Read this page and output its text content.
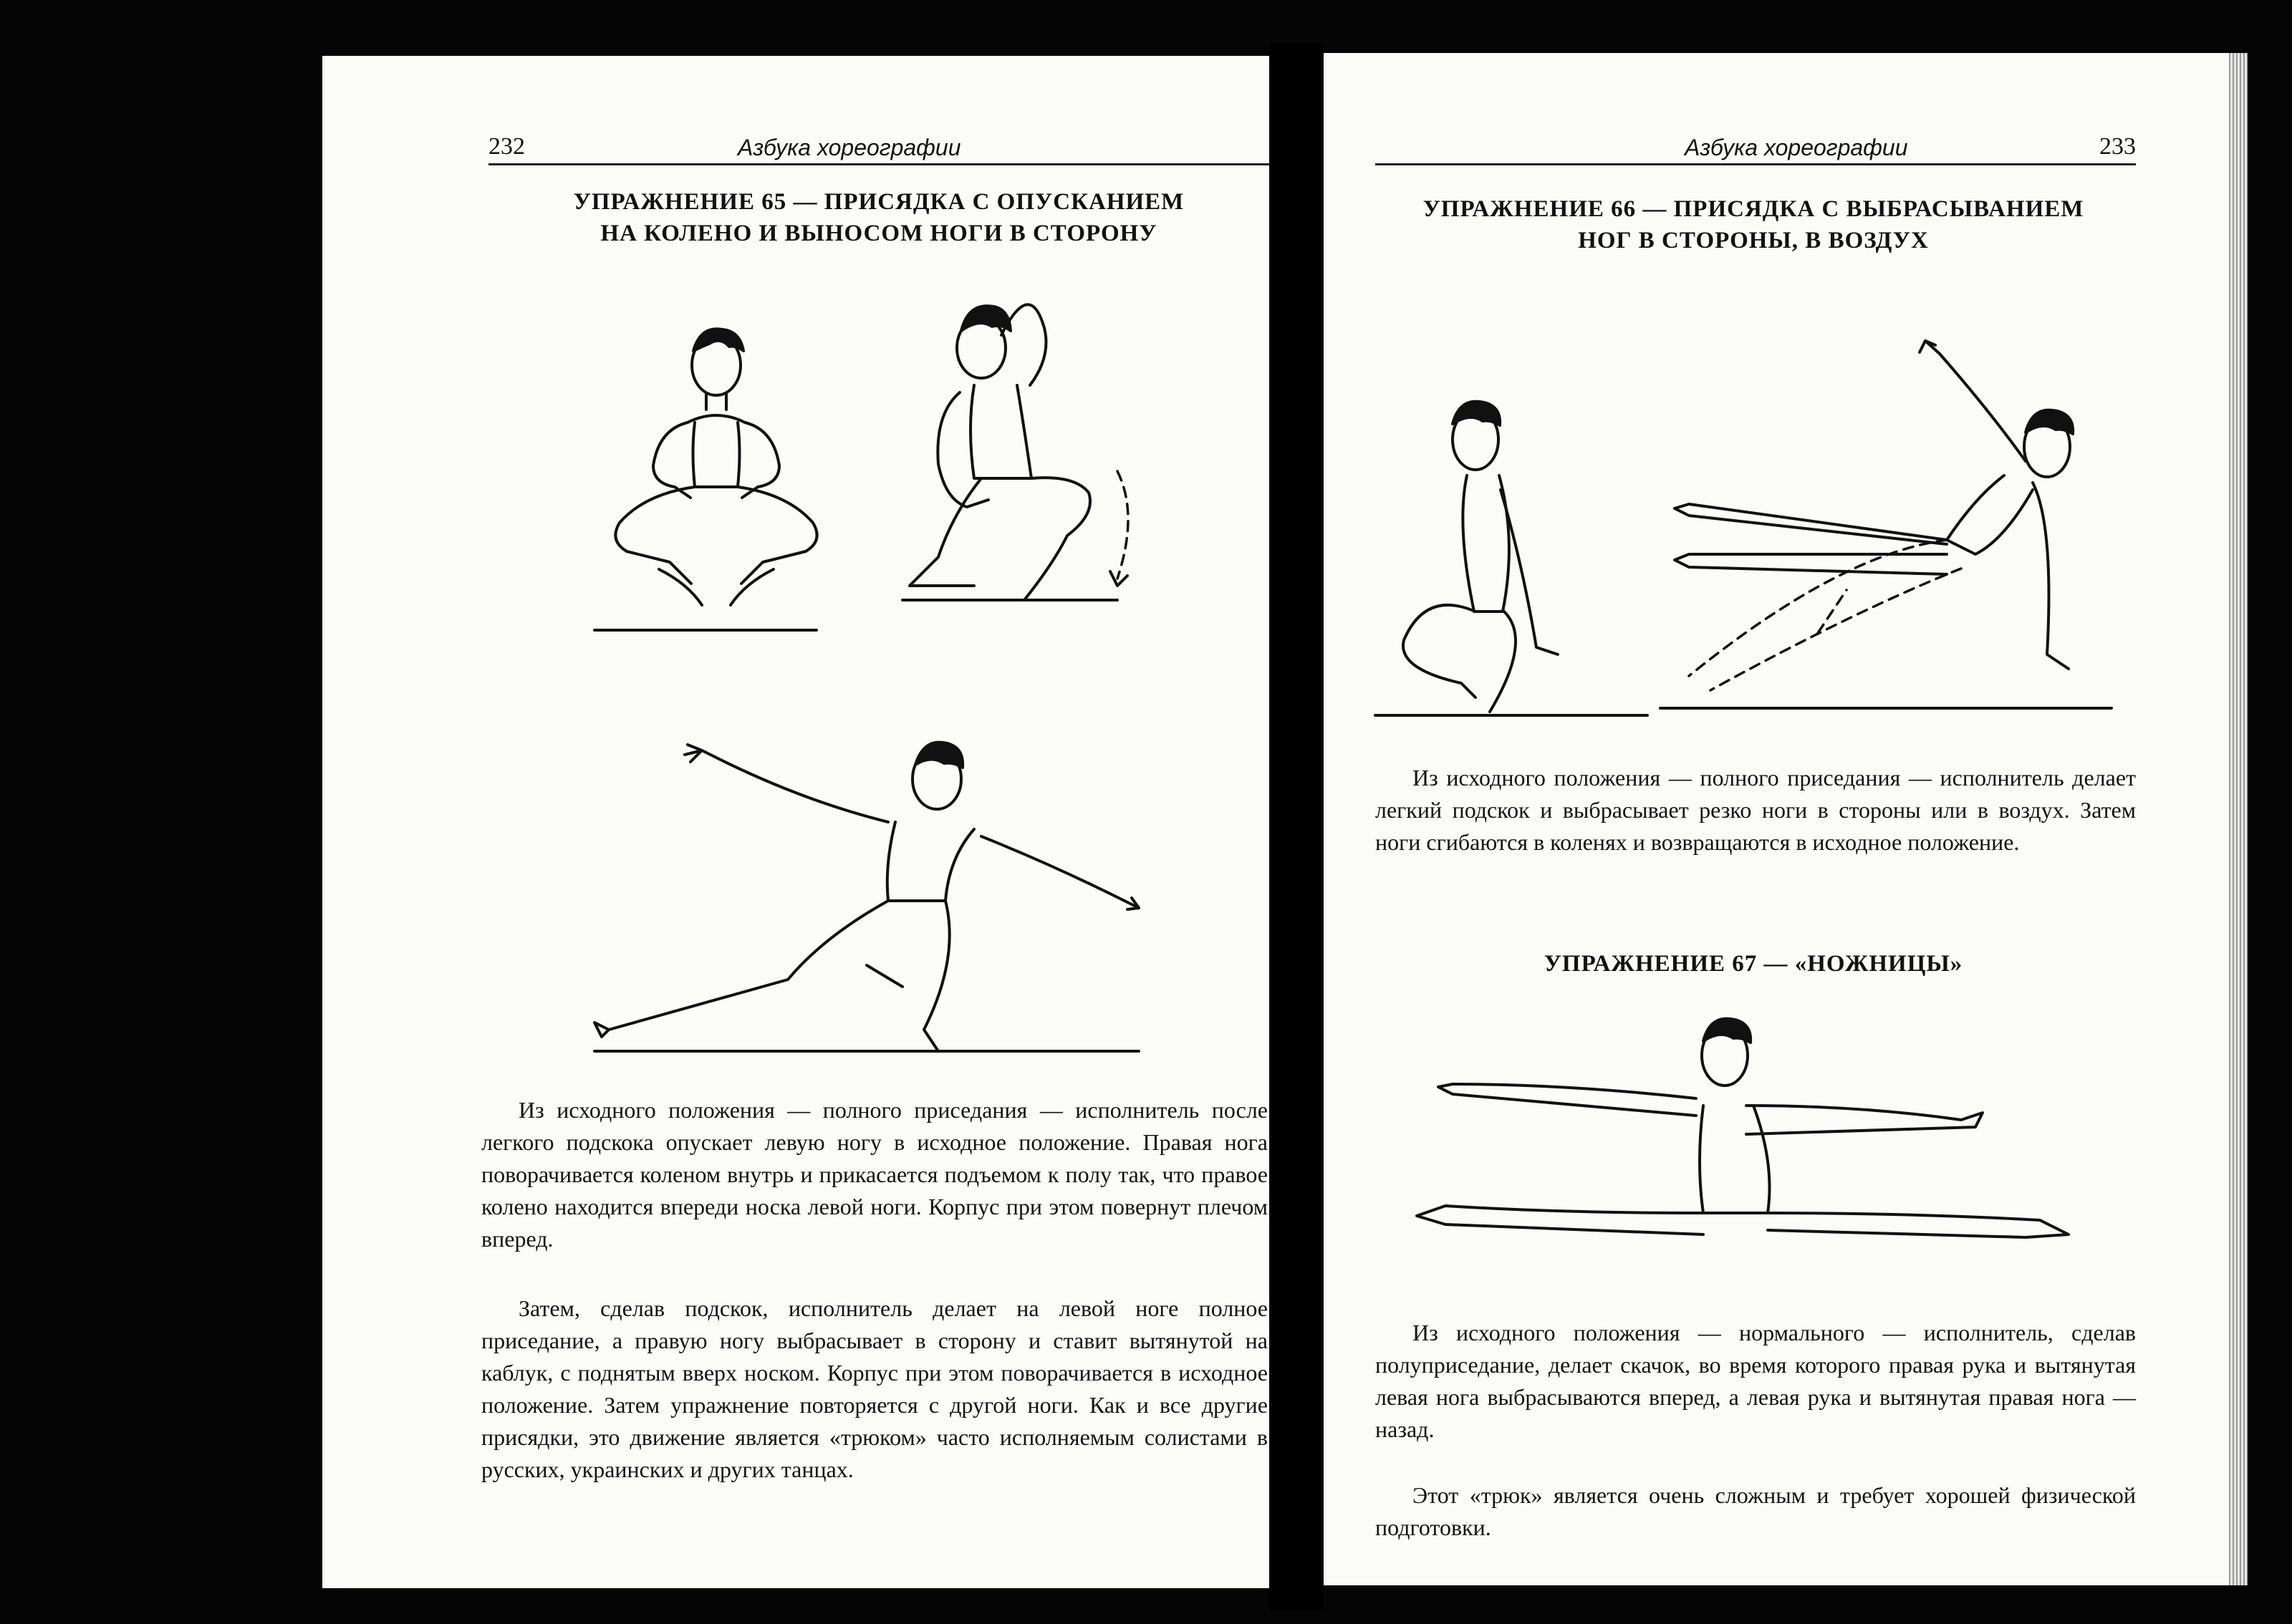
232	Азбука хореографии
УПРАЖНЕНИЕ 65 — ПРИСЯДКА С ОПУСКАНИЕМ
НА КОЛЕНО И ВЫНОСОМ НОГИ В СТОРОНУ

Из исходного положения — полного приседания — исполнитель после легкого подскока опускает левую ногу в исходное положение. Правая нога поворачивается коленом внутрь и прикасается подъемом к полу так, что правое колено находится впереди носка левой ноги. Корпус при этом повернут плечом вперед.

Затем, сделав подскок, исполнитель делает на левой ноге полное приседание, а правую ногу выбрасывает в сторону и ставит вытянутой на каблук, с поднятым вверх носком. Корпус при этом поворачивается в исходное положение. Затем упражнение повторяется с другой ноги. Как и все другие присядки, это движение является «трюком» часто исполняемым солистами в русских, украинских и других танцах.

Азбука хореографии	233
УПРАЖНЕНИЕ 66 — ПРИСЯДКА С ВЫБРАСЫВАНИЕМ
НОГ В СТОРОНЫ, В ВОЗДУХ

Из исходного положения — полного приседания — исполнитель делает легкий подскок и выбрасывает резко ноги в стороны или в воздух. Затем ноги сгибаются в коленях и возвращаются в исходное положение.

УПРАЖНЕНИЕ 67 — «НОЖНИЦЫ»

Из исходного положения — нормального — исполнитель, сделав полуприседание, делает скачок, во время которого правая рука и вытянутая левая нога выбрасываются вперед, а левая рука и вытянутая правая нога — назад.

Этот «трюк» является очень сложным и требует хорошей физической подготовки.
